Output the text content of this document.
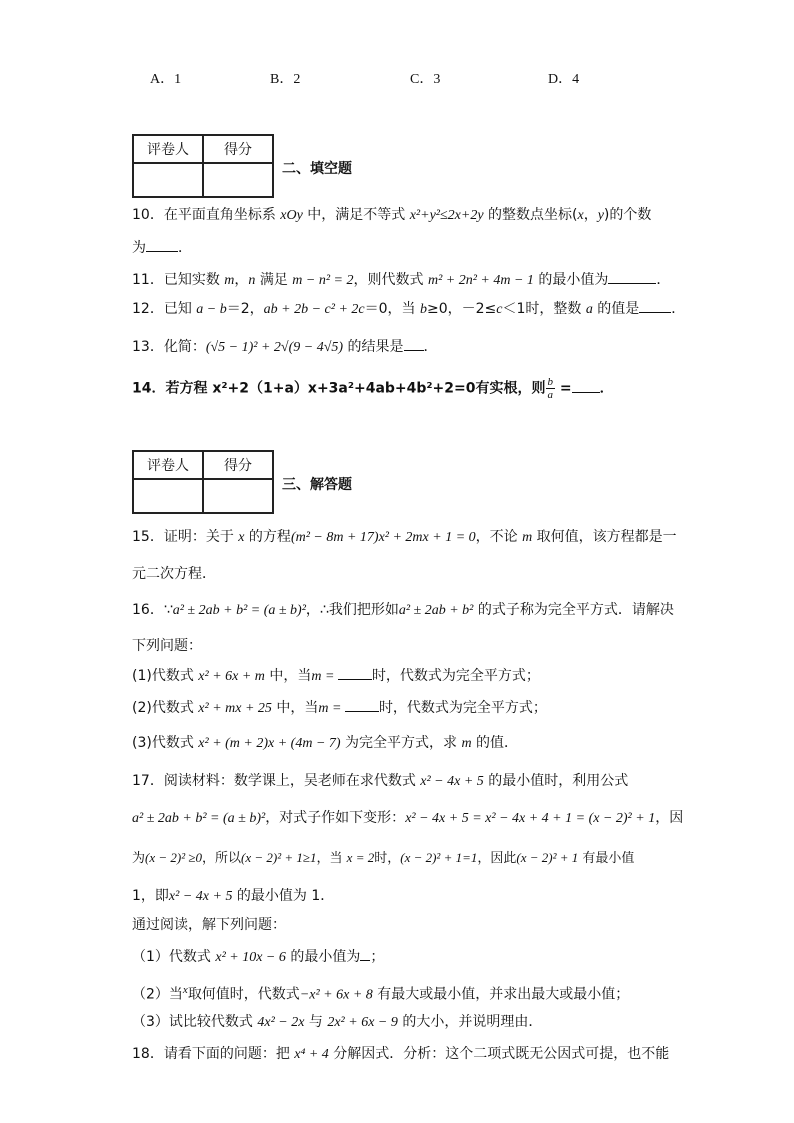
A．1	B．2	C．3	D．4
评卷人	得分

二、填空题
10．在平面直角坐标系 xOy 中，满足不等式 x²+y²≤2x+2y 的整数点坐标(x，y)的个数
为 ．
11．已知实数 m，n 满足 m − n² = 2，则代数式 m² + 2n² + 4m − 1 的最小值为	．
12．已知 a − b＝2，ab + 2b − c² + 2c＝0，当 b≥0，－2≤c＜1时，整数 a 的值是 ．
13．化简：(√5 − 1)² + 2√(9 − 4√5) 的结果是 ．
14．若方程 x²+2（1+a）x+3a²+4ab+4b²+2=0有实根，则 $\frac{b}{a}$ = ．
评卷人	得分

三、解答题
15．证明：关于 x 的方程(m² − 8m + 17)x² + 2mx + 1 = 0，不论 m 取何值，该方程都是一
元二次方程．
16．∵a² ± 2ab + b² = (a ± b)²，∴我们把形如a² ± 2ab + b² 的式子称为完全平方式．请解决
下列问题：
(1)代数式 x² + 6x + m 中，当m = 时，代数式为完全平方式；
(2)代数式 x² + mx + 25 中，当m = 时，代数式为完全平方式；
(3)代数式 x² + (m + 2)x + (4m − 7) 为完全平方式，求 m 的值．
17．阅读材料：数学课上，吴老师在求代数式 x² − 4x + 5 的最小值时，利用公式
a² ± 2ab + b² = (a ± b)²，对式子作如下变形：x² − 4x + 5 = x² − 4x + 4 + 1 = (x − 2)² + 1，因
为(x − 2)² ≥0，所以(x − 2)² + 1≥1，当 x = 2时，(x − 2)² + 1=1，因此(x − 2)² + 1 有最小值
1，即x² − 4x + 5 的最小值为 1．
通过阅读，解下列问题：
（1）代数式 x² + 10x − 6 的最小值为 ；
（2）当$^x$取何值时，代数式−x² + 6x + 8 有最大或最小值，并求出最大或最小值；
（3）试比较代数式 4x² − 2x 与 2x² + 6x − 9 的大小，并说明理由．
18．请看下面的问题：把 x⁴ + 4 分解因式．分析：这个二项式既无公因式可提，也不能
